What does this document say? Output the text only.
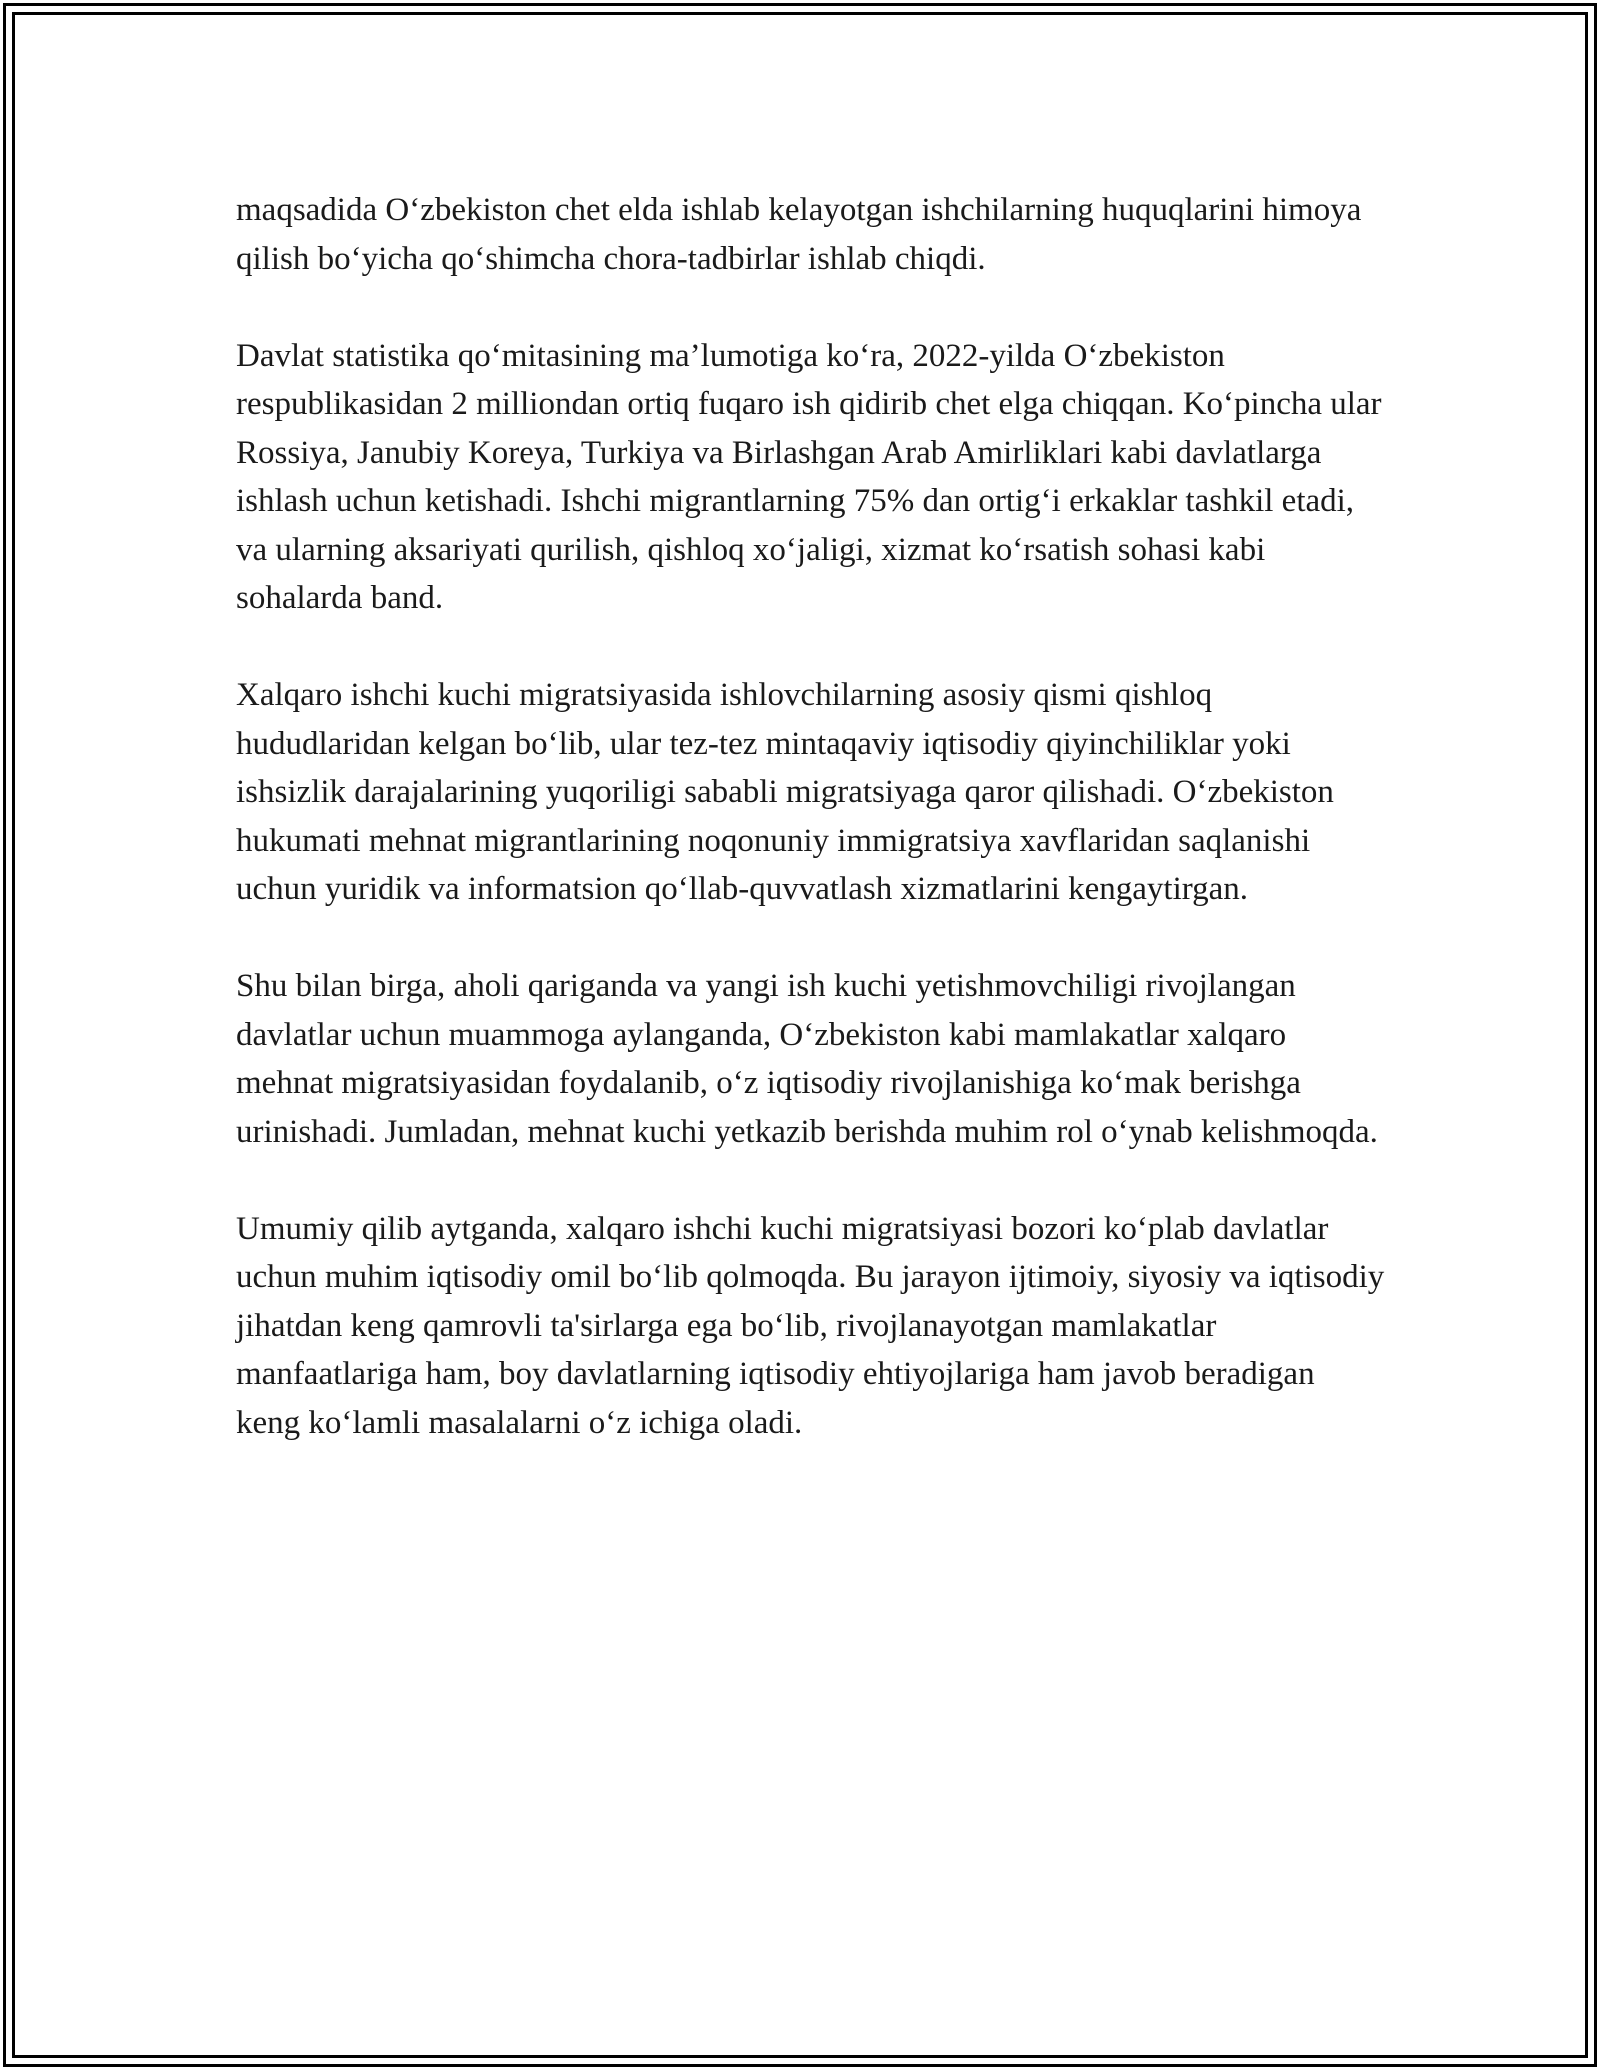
maqsadida O‘zbekiston chet elda ishlab kelayotgan ishchilarning huquqlarini himoya qilish bo‘yicha qo‘shimcha chora-tadbirlar ishlab chiqdi.

Davlat statistika qo‘mitasining ma’lumotiga ko‘ra, 2022-yilda O‘zbekiston respublikasidan 2 milliondan ortiq fuqaro ish qidirib chet elga chiqqan. Ko‘pincha ular Rossiya, Janubiy Koreya, Turkiya va Birlashgan Arab Amirliklari kabi davlatlarga ishlash uchun ketishadi. Ishchi migrantlarning 75% dan ortig‘i erkaklar tashkil etadi, va ularning aksariyati qurilish, qishloq xo‘jaligi, xizmat ko‘rsatish sohasi kabi sohalarda band.

Xalqaro ishchi kuchi migratsiyasida ishlovchilarning asosiy qismi qishloq hududlaridan kelgan bo‘lib, ular tez-tez mintaqaviy iqtisodiy qiyinchiliklar yoki ishsizlik darajalarining yuqoriligi sababli migratsiyaga qaror qilishadi. O‘zbekiston hukumati mehnat migrantlarining noqonuniy immigratsiya xavflaridan saqlanishi uchun yuridik va informatsion qo‘llab-quvvatlash xizmatlarini kengaytirgan.

Shu bilan birga, aholi qariganda va yangi ish kuchi yetishmovchiligi rivojlangan davlatlar uchun muammoga aylanganda, O‘zbekiston kabi mamlakatlar xalqaro mehnat migratsiyasidan foydalanib, o‘z iqtisodiy rivojlanishiga ko‘mak berishga urinishadi. Jumladan, mehnat kuchi yetkazib berishda muhim rol o‘ynab kelishmoqda.

Umumiy qilib aytganda, xalqaro ishchi kuchi migratsiyasi bozori ko‘plab davlatlar uchun muhim iqtisodiy omil bo‘lib qolmoqda. Bu jarayon ijtimoiy, siyosiy va iqtisodiy jihatdan keng qamrovli ta'sirlarga ega bo‘lib, rivojlanayotgan mamlakatlar manfaatlariga ham, boy davlatlarning iqtisodiy ehtiyojlariga ham javob beradigan keng ko‘lamli masalalarni o‘z ichiga oladi.
